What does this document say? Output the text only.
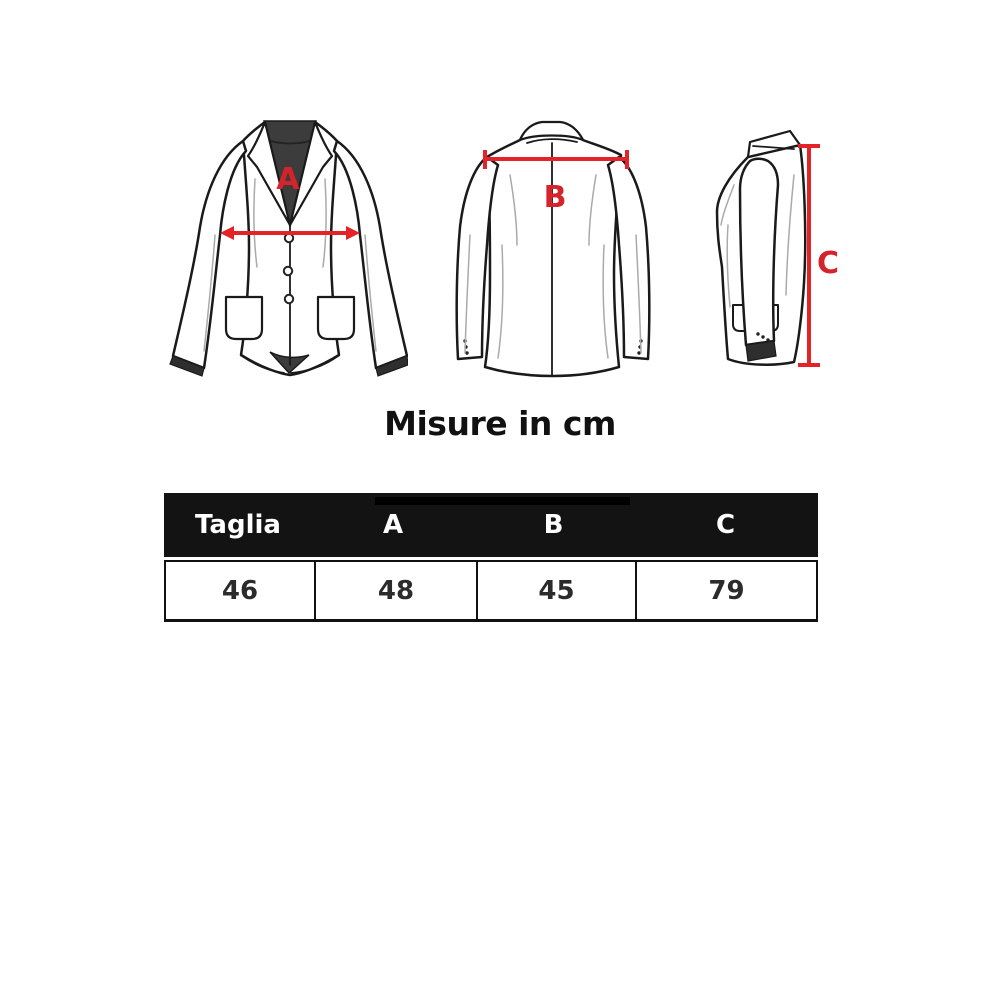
A
B
C
Misure in cm
Taglia	A	B	C
46	48	45	79
